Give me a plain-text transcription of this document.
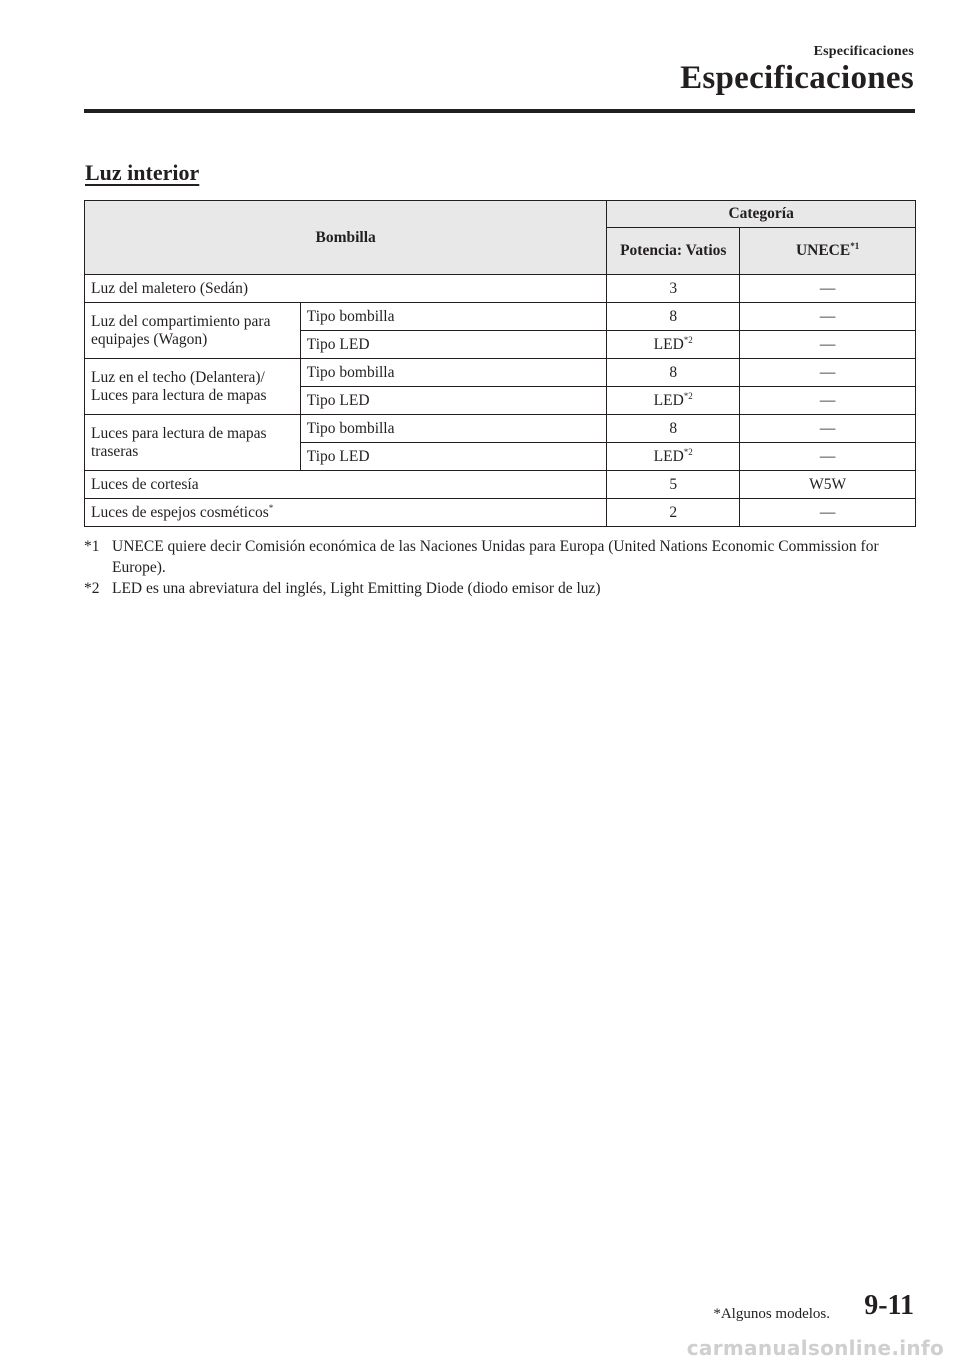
Especificaciones
Especificaciones
Luz interior
Bombilla		Categoría	
		Potencia: Vatios	UNECE$^{*1}$
Luz del maletero (Sedán)		3	—
Luz del compartimiento para equipajes (Wagon)	Tipo bombilla	8	—
	Tipo LED	LED$^{*2}$	—
Luz en el techo (Delantera)/ Luces para lectura de mapas	Tipo bombilla	8	—
	Tipo LED	LED$^{*2}$	—
Luces para lectura de mapas traseras	Tipo bombilla	8	—
	Tipo LED	LED$^{*2}$	—
Luces de cortesía		5	W5W
Luces de espejos cosméticos*		2	—
*1 UNECE quiere decir Comisión económica de las Naciones Unidas para Europa (United Nations Economic Commission for Europe).
*2 LED es una abreviatura del inglés, Light Emitting Diode (diodo emisor de luz)
*Algunos modelos. 9-11
carmanualsonline.info
